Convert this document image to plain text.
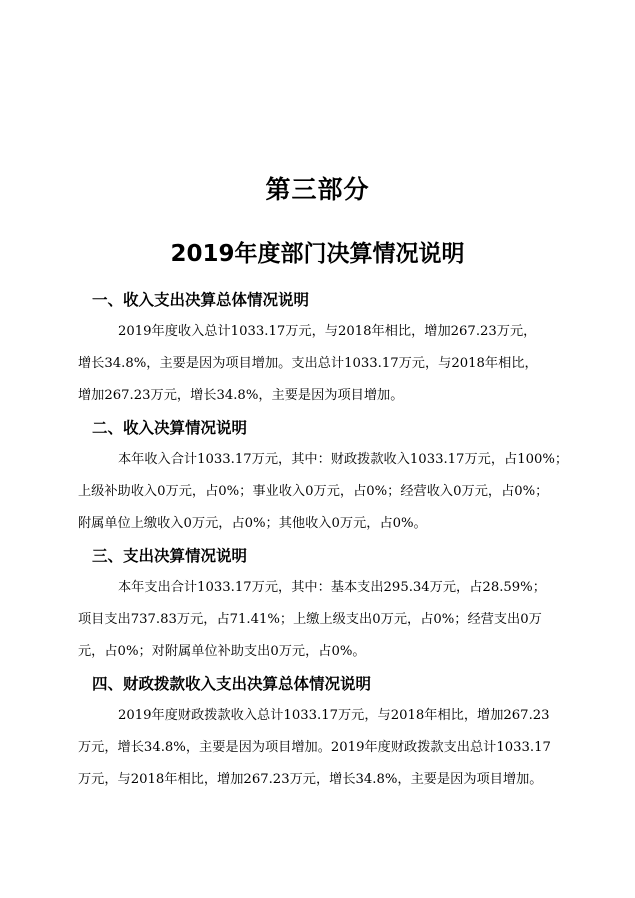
第三部分
2019年度部门决算情况说明
一、收入支出决算总体情况说明
2019年度收入总计1033.17万元，与2018年相比，增加267.23万元，
增长34.8%，主要是因为项目增加。支出总计1033.17万元，与2018年相比，
增加267.23万元，增长34.8%，主要是因为项目增加。
二、收入决算情况说明
本年收入合计1033.17万元，其中：财政拨款收入1033.17万元，占100%；
上级补助收入0万元，占0%；事业收入0万元，占0%；经营收入0万元，占0%；
附属单位上缴收入0万元，占0%；其他收入0万元，占0%。
三、支出决算情况说明
本年支出合计1033.17万元，其中：基本支出295.34万元，占28.59%；
项目支出737.83万元，占71.41%；上缴上级支出0万元，占0%；经营支出0万
元，占0%；对附属单位补助支出0万元，占0%。
四、财政拨款收入支出决算总体情况说明
2019年度财政拨款收入总计1033.17万元，与2018年相比，增加267.23
万元，增长34.8%，主要是因为项目增加。2019年度财政拨款支出总计1033.17
万元，与2018年相比，增加267.23万元，增长34.8%，主要是因为项目增加。
